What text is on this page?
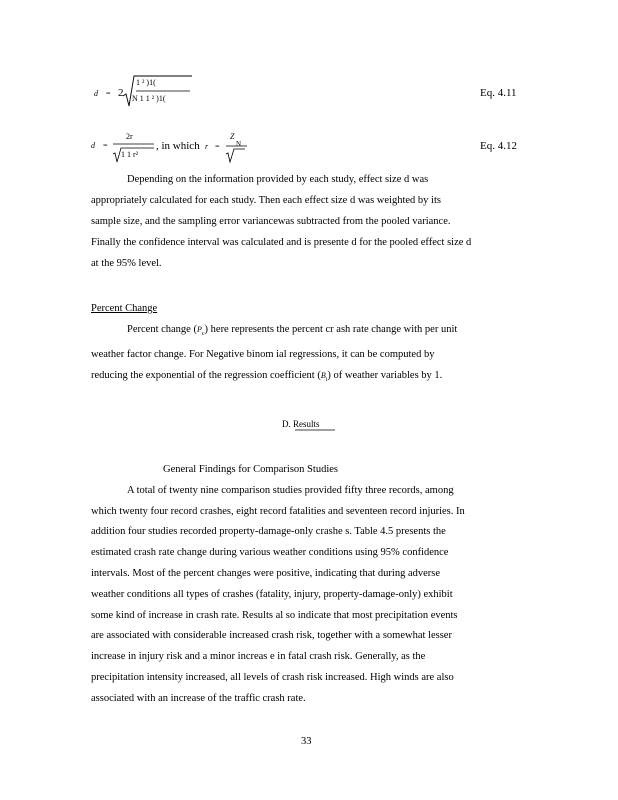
d = 2
1 ² )1(
N 1 1 ² )1(	Eq. 4.11
d =
2r
1 1 r²
, in which r =
Z
N	Eq. 4.12
Depending on the information provided by each study, effect size d was
appropriately calculated for each study. Then each effect size d was weighted by its
sample size, and the sampling error variancewas subtracted from the pooled variance.
Finally the confidence interval was calculated and is presente d for the pooled effect size d
at the 95% level.
Percent Change
Percent change $(P_c)$ here represents the percent cr ash rate change with per unit
weather factor change. For Negative binom ial regressions, it can be computed by
reducing the exponential of the regression coefficient $(B_i)$ of weather variables by 1.
D. Results
General Findings for Comparison Studies
A total of twenty nine comparison studies provided fifty three records, among
which twenty four record crashes, eight record fatalities and seventeen record injuries. In
addition four studies recorded property-damage-only crashe s. Table 4.5 presents the
estimated crash rate change during various weather conditions using 95% confidence
intervals. Most of the percent changes were positive, indicating that during adverse
weather conditions all types of crashes (fatality, injury, property-damage-only) exhibit
some kind of increase in crash rate. Results al so indicate that most precipitation events
are associated with considerable increased crash risk, together with a somewhat lesser
increase in injury risk and a minor increas e in fatal crash risk. Generally, as the
precipitation intensity increased, all levels of crash risk increased. High winds are also
associated with an increase of the traffic crash rate.
33
